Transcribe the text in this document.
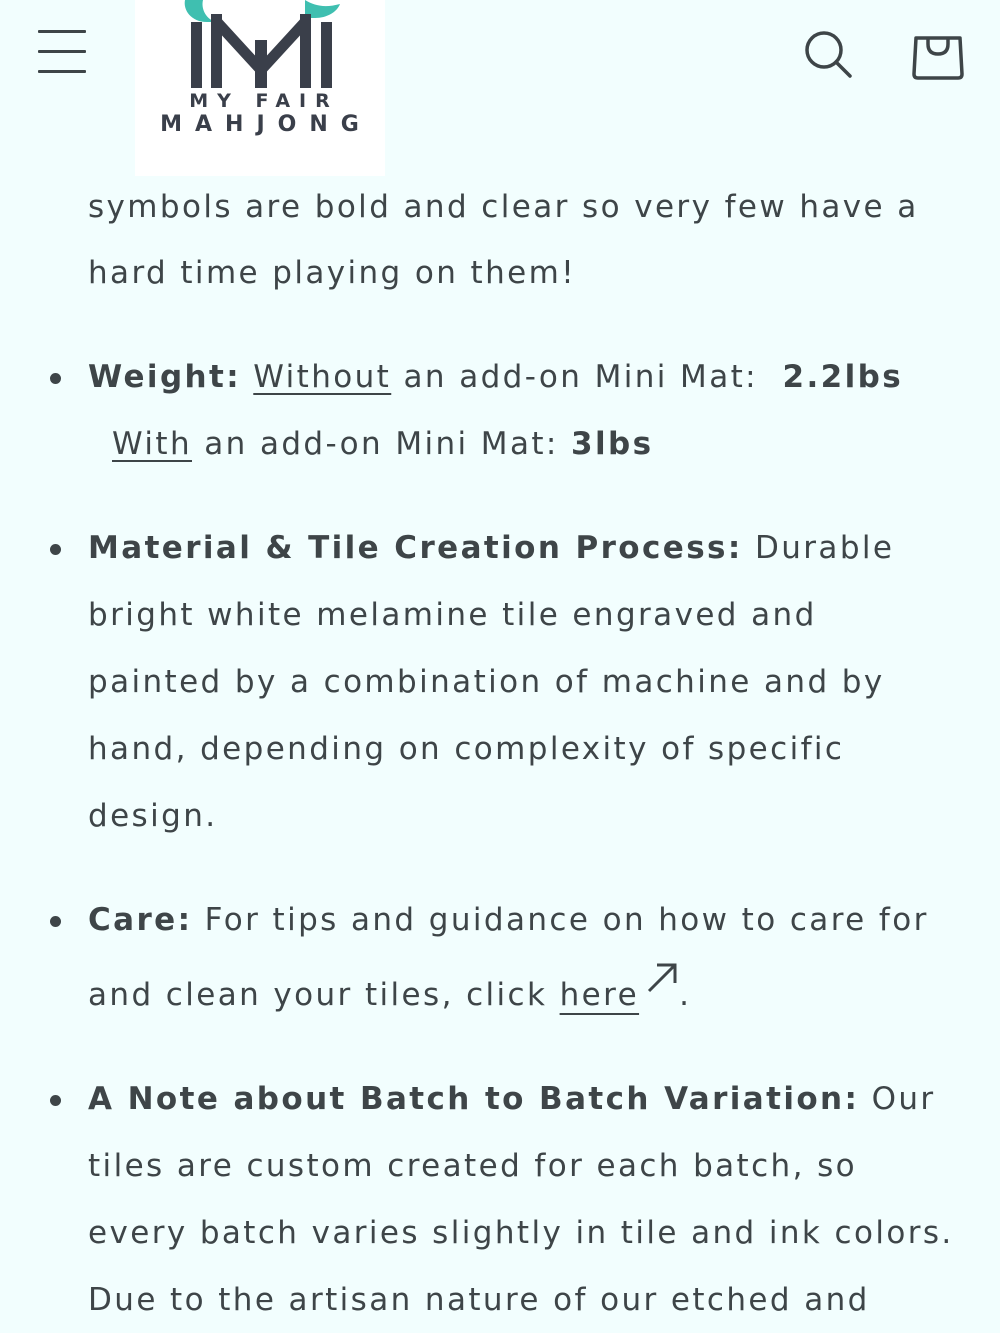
MY FAIR
MAHJONG
symbols are bold and clear so very few have a
hard time playing on them!
Weight: Without an add-on Mini Mat: 2.2lbs
With an add-on Mini Mat: 3lbs
Material & Tile Creation Process: Durable
bright white melamine tile engraved and
painted by a combination of machine and by
hand, depending on complexity of specific
design.
Care: For tips and guidance on how to care for
and clean your tiles, click here .
A Note about Batch to Batch Variation: Our
tiles are custom created for each batch, so
every batch varies slightly in tile and ink colors.
Due to the artisan nature of our etched and
